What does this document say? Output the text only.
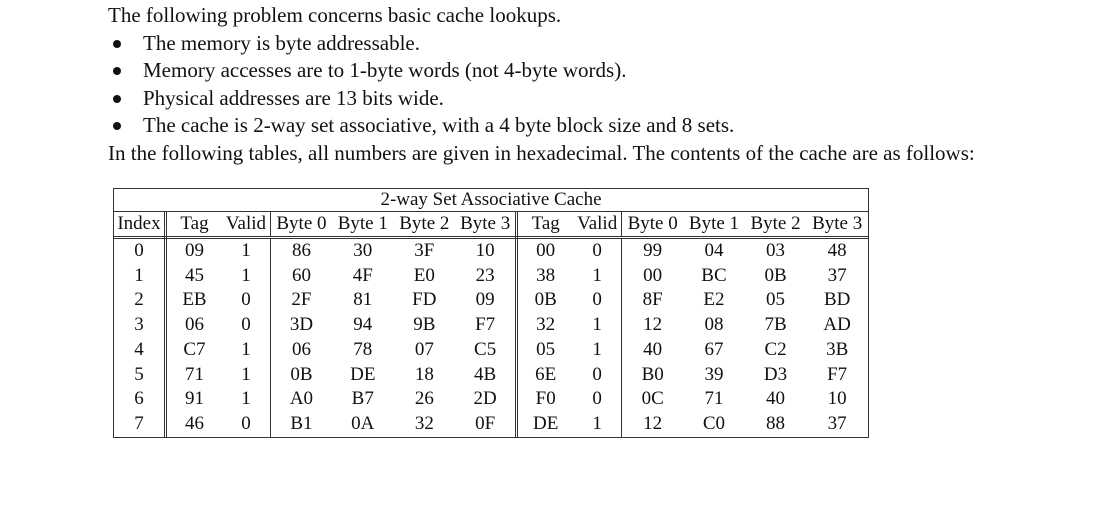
The following problem concerns basic cache lookups.
The memory is byte addressable.
Memory accesses are to 1-byte words (not 4-byte words).
Physical addresses are 13 bits wide.
The cache is 2-way set associative, with a 4 byte block size and 8 sets.
In the following tables, all numbers are given in hexadecimal. The contents of the cache are as follows:
2-way Set Associative Cache
Index	Tag	Valid	Byte 0	Byte 1	Byte 2	Byte 3	Tag	Valid	Byte 0	Byte 1	Byte 2	Byte 3
0	09	1	86	30	3F	10	00	0	99	04	03	48
1	45	1	60	4F	E0	23	38	1	00	BC	0B	37
2	EB	0	2F	81	FD	09	0B	0	8F	E2	05	BD
3	06	0	3D	94	9B	F7	32	1	12	08	7B	AD
4	C7	1	06	78	07	C5	05	1	40	67	C2	3B
5	71	1	0B	DE	18	4B	6E	0	B0	39	D3	F7
6	91	1	A0	B7	26	2D	F0	0	0C	71	40	10
7	46	0	B1	0A	32	0F	DE	1	12	C0	88	37
